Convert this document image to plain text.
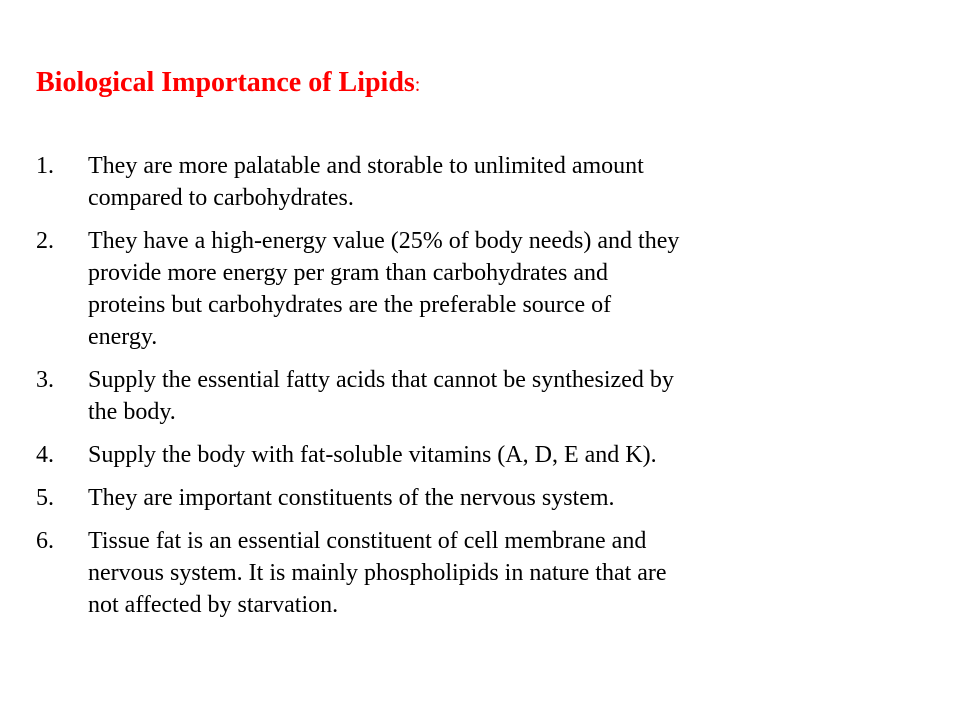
Biological Importance of Lipids:
1.	They are more palatable and storable to unlimited amount
compared to carbohydrates.
2.	They have a high-energy value (25% of body needs) and they
provide more energy per gram than carbohydrates and
proteins but carbohydrates are the preferable source of
energy.
3.	Supply the essential fatty acids that cannot be synthesized by
the body.
4.	Supply the body with fat-soluble vitamins (A, D, E and K).
5.	They are important constituents of the nervous system.
6.	Tissue fat is an essential constituent of cell membrane and
nervous system. It is mainly phospholipids in nature that are
not affected by starvation.
